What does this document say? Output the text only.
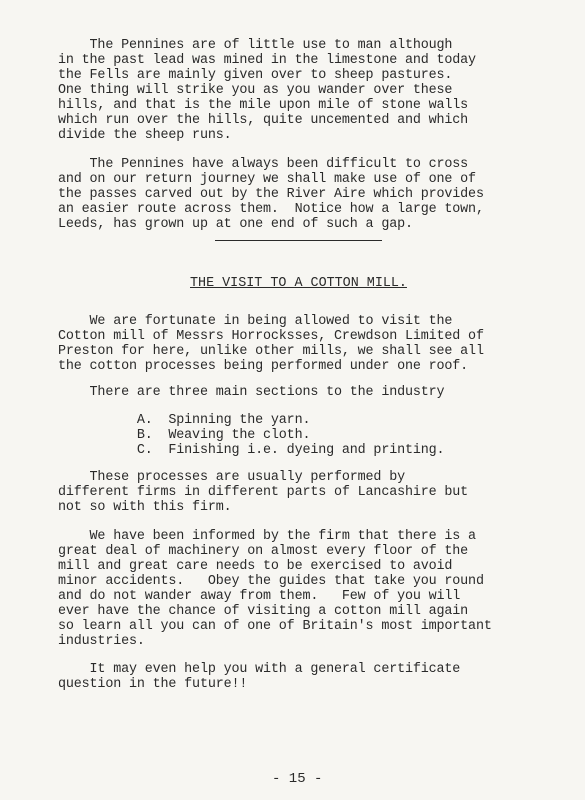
The Pennines are of little use to man although
in the past lead was mined in the limestone and today
the Fells are mainly given over to sheep pastures.
One thing will strike you as you wander over these
hills, and that is the mile upon mile of stone walls
which run over the hills, quite uncemented and which
divide the sheep runs.
The Pennines have always been difficult to cross
and on our return journey we shall make use of one of
the passes carved out by the River Aire which provides
an easier route across them.  Notice how a large town,
Leeds, has grown up at one end of such a gap.
THE VISIT TO A COTTON MILL.
We are fortunate in being allowed to visit the
Cotton mill of Messrs Horrocksses, Crewdson Limited of
Preston for here, unlike other mills, we shall see all
the cotton processes being performed under one roof.
There are three main sections to the industry
A.  Spinning the yarn.
B.  Weaving the cloth.
C.  Finishing i.e. dyeing and printing.
These processes are usually performed by
different firms in different parts of Lancashire but
not so with this firm.
We have been informed by the firm that there is a
great deal of machinery on almost every floor of the
mill and great care needs to be exercised to avoid
minor accidents.   Obey the guides that take you round
and do not wander away from them.   Few of you will
ever have the chance of visiting a cotton mill again
so learn all you can of one of Britain's most important
industries.
It may even help you with a general certificate
question in the future!!
- 15 -
